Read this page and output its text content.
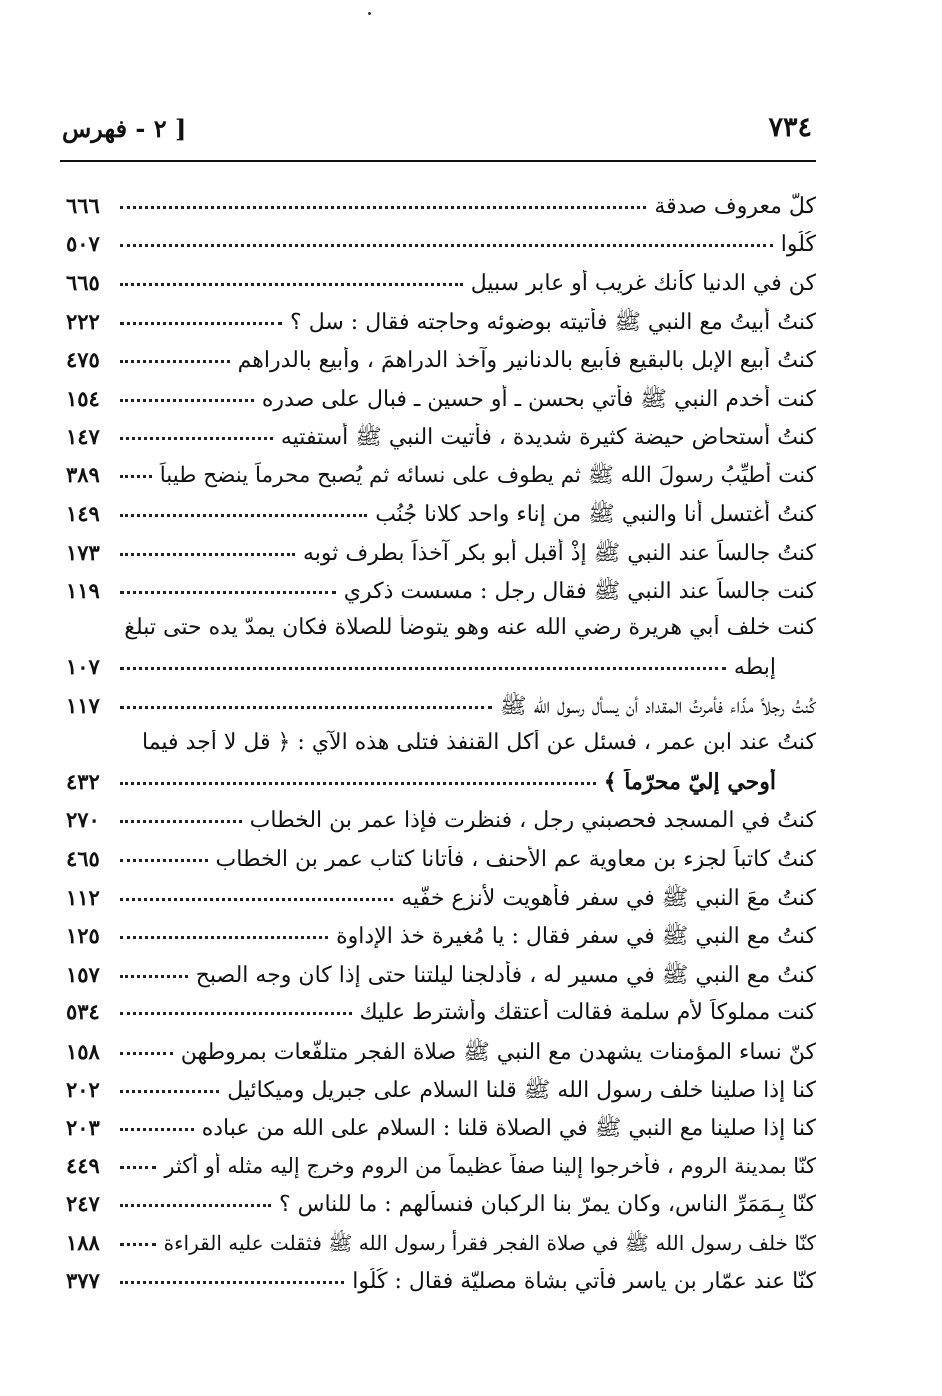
٧٣٤
[ ٢ - فهرس
كلّ معروف صدقة
٦٦٦
كُلُوا
٥٠٧
كن في الدنيا كأنك غريب أو عابر سبيل
٦٦٥
كنتُ أبيتُ مع النبي ﷺ فأتيته بوضوئه وحاجته فقال : سل ؟
٢٢٢
كنتُ أبيع الإبل بالبقيع فأبيع بالدنانير وآخذ الدراهمَ ، وأبيع بالدراهم
٤٧٥
كنت أخدم النبي ﷺ فأتي بحسن ـ أو حسين ـ فبال على صدره
١٥٤
كنتُ أستحاض حيضة كثيرة شديدة ، فأتيت النبي ﷺ أستفتيه
١٤٧
كنت أطيِّبُ رسولَ الله ﷺ ثم يطوف على نسائه ثم يُصبح محرماً ينضح طيباً
٣٨٩
كنتُ أغتسل أنا والنبي ﷺ من إناء واحد كلانا جُنُب
١٤٩
كنتُ جالساً عند النبي ﷺ إذْ أقبل أبو بكر آخذاً بطرف ثوبه
١٧٣
كنت جالساً عند النبي ﷺ فقال رجل : مسست ذكري
١١٩
كنت خلف أبي هريرة رضي الله عنه وهو يتوضأ للصلاة فكان يمدّ يده حتى تبلغ
إبطه
١٠٧
كُنتُ رجلاً مذّاء فأمرتُ المقداد أن يسأل رسول الله ﷺ
١١٧
كنتُ عند ابن عمر ، فسئل عن أكل القنفذ فتلى هذه الآي : ﴿ قل لا أجد فيما
أوحي إليّ محرّماً ﴾
٤٣٢
كنتُ في المسجد فحصبني رجل ، فنظرت فإذا عمر بن الخطاب
٢٧٠
كنتُ كاتباً لجزء بن معاوية عم الأحنف ، فأتانا كتاب عمر بن الخطاب
٤٦٥
كنتُ معَ النبي ﷺ في سفر فأهويت لأنزع خفّيه
١١٢
كنتُ مع النبي ﷺ في سفر فقال : يا مُغيرة خذ الإداوة
١٢٥
كنتُ مع النبي ﷺ في مسير له ، فأدلجنا ليلتنا حتى إذا كان وجه الصبح
١٥٧
كنت مملوكاً لأم سلمة فقالت أعتقك وأشترط عليك
٥٣٤
كنّ نساء المؤمنات يشهدن مع النبي ﷺ صلاة الفجر متلفّعات بمروطهن
١٥٨
كنا إذا صلينا خلف رسول الله ﷺ قلنا السلام على جبريل وميكائيل
٢٠٢
كنا إذا صلينا مع النبي ﷺ في الصلاة قلنا : السلام على الله من عباده
٢٠٣
كنّا بمدينة الروم ، فأخرجوا إلينا صفاً عظيماً من الروم وخرج إليه مثله أو أكثر
٤٤٩
كنّا بِـمَمَرِّ الناس، وكان يمرّ بنا الركبان فنسألهم : ما للناس ؟
٢٤٧
كنّا خلف رسول الله ﷺ في صلاة الفجر فقرأ رسول الله ﷺ فثقلت عليه القراءة
١٨٨
كنّا عند عمّار بن ياسر فأتي بشاة مصليّة فقال : كُلُوا
٣٧٧
